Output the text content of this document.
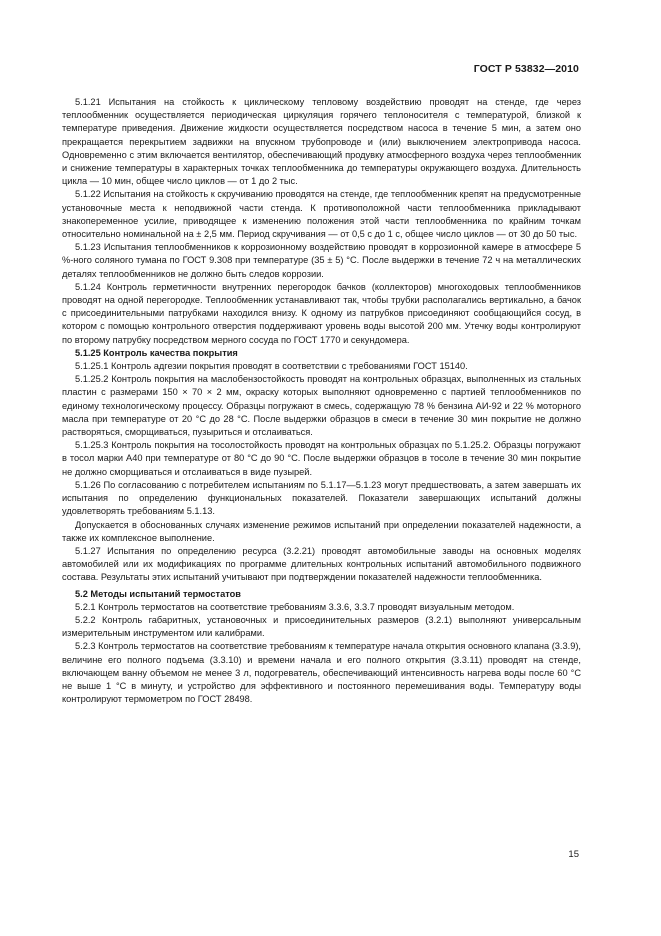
ГОСТ Р 53832—2010

5.1.21 Испытания на стойкость к циклическому тепловому воздействию проводят на стенде, где через теплообменник осуществляется периодическая циркуляция горячего теплоносителя с температурой, близкой к температуре приведения. Движение жидкости осуществляется посредством насоса в течение 5 мин, а затем оно прекращается перекрытием задвижки на впускном трубопроводе и (или) выключением электропривода насоса. Одновременно с этим включается вентилятор, обеспечивающий продувку атмосферного воздуха через теплообменник и снижение температуры в характерных точках теплообменника до температуры окружающего воздуха. Длительность цикла — 10 мин, общее число циклов — от 1 до 2 тыс.

5.1.22 Испытания на стойкость к скручиванию проводятся на стенде, где теплообменник крепят на предусмотренные установочные места к неподвижной части стенда. К противоположной части теплообменника прикладывают знакопеременное усилие, приводящее к изменению положения этой части теплообменника по крайним точкам относительно номинальной на ± 2,5 мм. Период скручивания — от 0,5 с до 1 с, общее число циклов — от 30 до 50 тыс.

5.1.23 Испытания теплообменников к коррозионному воздействию проводят в коррозионной камере в атмосфере 5 %-ного соляного тумана по ГОСТ 9.308 при температуре (35 ± 5) °С. После выдержки в течение 72 ч на металлических деталях теплообменников не должно быть следов коррозии.

5.1.24 Контроль герметичности внутренних перегородок бачков (коллекторов) многоходовых теплообменников проводят на одной перегородке. Теплообменник устанавливают так, чтобы трубки располагались вертикально, а бачок с присоединительными патрубками находился внизу. К одному из патрубков присоединяют сообщающийся сосуд, в котором с помощью контрольного отверстия поддерживают уровень воды высотой 200 мм. Утечку воды контролируют по второму патрубку посредством мерного сосуда по ГОСТ 1770 и секундомера.

5.1.25 Контроль качества покрытия

5.1.25.1 Контроль адгезии покрытия проводят в соответствии с требованиями ГОСТ 15140.

5.1.25.2 Контроль покрытия на маслобензостойкость проводят на контрольных образцах, выполненных из стальных пластин с размерами 150 × 70 × 2 мм, окраску которых выполняют одновременно с партией теплообменников по единому технологическому процессу. Образцы погружают в смесь, содержащую 78 % бензина АИ-92 и 22 % моторного масла при температуре от 20 °С до 28 °С. После выдержки образцов в смеси в течение 30 мин покрытие не должно растворяться, сморщиваться, пузыриться и отслаиваться.

5.1.25.3 Контроль покрытия на тосолостойкость проводят на контрольных образцах по 5.1.25.2. Образцы погружают в тосол марки А40 при температуре от 80 °С до 90 °С. После выдержки образцов в тосоле в течение 30 мин покрытие не должно сморщиваться и отслаиваться в виде пузырей.

5.1.26 По согласованию с потребителем испытаниям по 5.1.17—5.1.23 могут предшествовать, а затем завершать их испытания по определению функциональных показателей. Показатели завершающих испытаний должны удовлетворять требованиям 5.1.13.

Допускается в обоснованных случаях изменение режимов испытаний при определении показателей надежности, а также их комплексное выполнение.

5.1.27 Испытания по определению ресурса (3.2.21) проводят автомобильные заводы на основных моделях автомобилей или их модификациях по программе длительных контрольных испытаний автомобильного подвижного состава. Результаты этих испытаний учитывают при подтверждении показателей надежности теплообменника.

5.2 Методы испытаний термостатов

5.2.1 Контроль термостатов на соответствие требованиям 3.3.6, 3.3.7 проводят визуальным методом.

5.2.2 Контроль габаритных, установочных и присоединительных размеров (3.2.1) выполняют универсальным измерительным инструментом или калибрами.

5.2.3 Контроль термостатов на соответствие требованиям к температуре начала открытия основного клапана (3.3.9), величине его полного подъема (3.3.10) и времени начала и его полного открытия (3.3.11) проводят на стенде, включающем ванну объемом не менее 3 л, подогреватель, обеспечивающий интенсивность нагрева воды после 60 °С не выше 1 °С в минуту, и устройство для эффективного и постоянного перемешивания воды. Температуру воды контролируют термометром по ГОСТ 28498.

15
